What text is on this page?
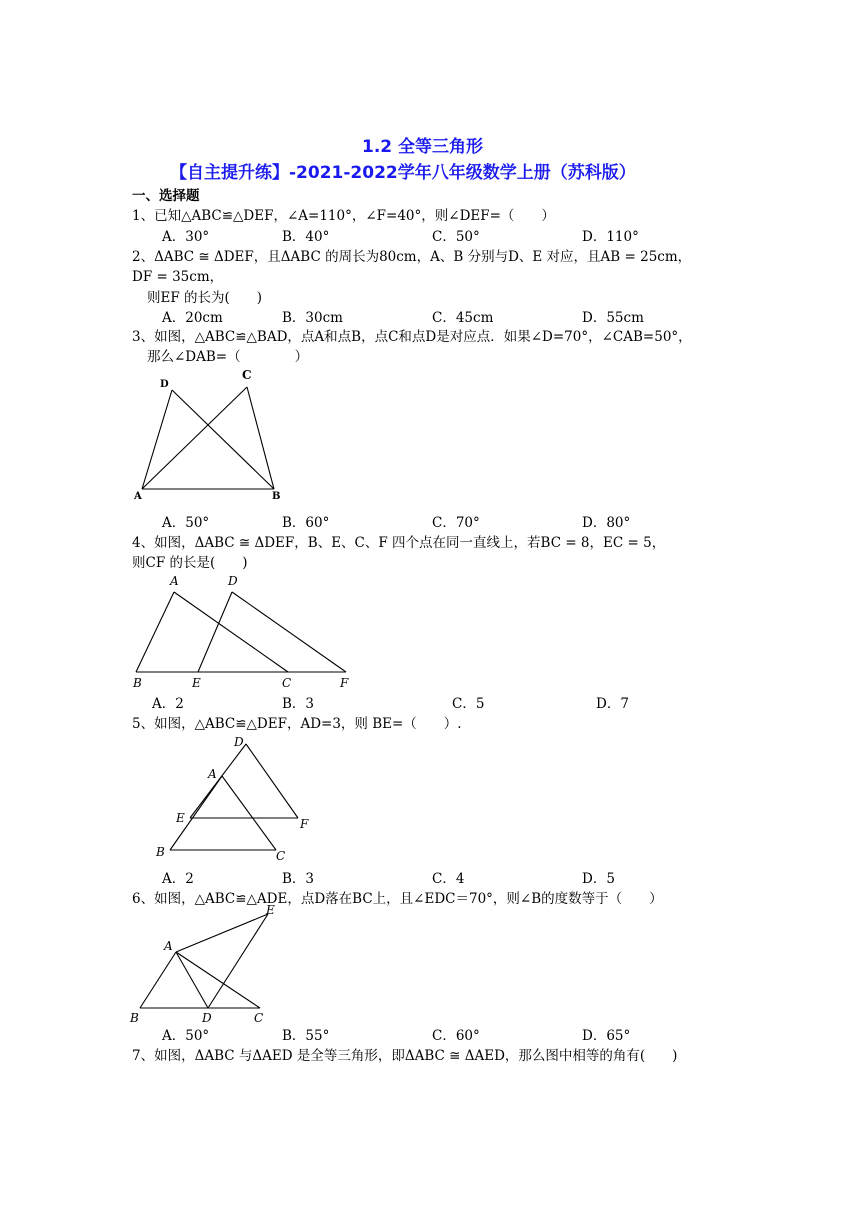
1.2 全等三角形
【自主提升练】-2021-2022学年八年级数学上册（苏科版）
一、选择题
1、已知△ABC≌△DEF，∠A=110°，∠F=40°，则∠DEF=（　　）
A．30°	B．40°	C．50°	D．110°
2、ΔABC ≅ ΔDEF，且ΔABC 的周长为80cm，A、B 分别与D、E 对应，且AB = 25cm，
DF = 35cm，
则EF 的长为(　　)
A．20cm	B．30cm	C．45cm	D．55cm
3、如图，△ABC≌△BAD，点A和点B，点C和点D是对应点．如果∠D=70°，∠CAB=50°，
那么∠DAB=（　　　　）
D
C
A	B
A．50°	B．60°	C．70°	D．80°
4、如图，ΔABC ≅ ΔDEF，B、E、C、F 四个点在同一直线上，若BC = 8，EC = 5，
则CF 的长是(　　)
A	D
B	E	C	F
A．2	B．3	C．5	D．7
5、如图，△ABC≌△DEF，AD=3，则 BE=（　　）.
D
A
E	F
B	C
A．2	B．3	C．4	D．5
6、如图，△ABC≌△ADE，点D落在BC上，且∠EDC＝70°，则∠B的度数等于（　　）
E
A
B	D	C
A．50°	B．55°	C．60°	D．65°
7、如图，ΔABC 与ΔAED 是全等三角形，即ΔABC ≅ ΔAED，那么图中相等的角有(　　)
